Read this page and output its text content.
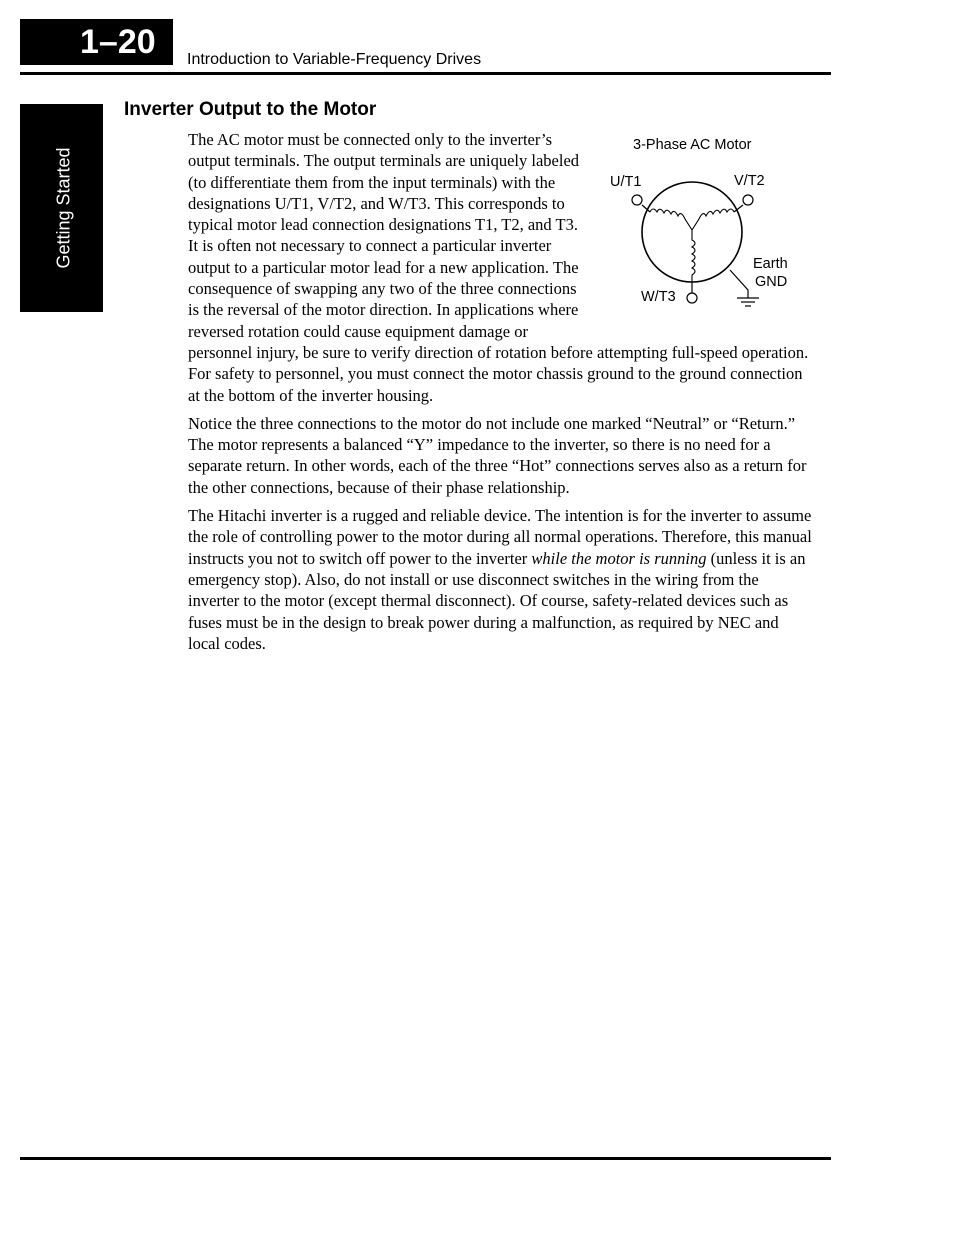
1–20	Introduction to Variable-Frequency Drives
Getting Started
Inverter Output to the Motor
3-Phase AC Motor
U/T1	V/T2
W/T3
Earth
GND

The AC motor must be connected only to the inverter’s output terminals. The output terminals are uniquely labeled (to differentiate them from the input terminals) with the designations U/T1, V/T2, and W/T3. This corresponds to typical motor lead connection designations T1, T2, and T3. It is often not necessary to connect a particular inverter output to a particular motor lead for a new application. The consequence of swapping any two of the three connections is the reversal of the motor direction. In applications where reversed rotation could cause equipment damage or personnel injury, be sure to verify direction of rotation before attempting full-speed operation. For safety to personnel, you must connect the motor chassis ground to the ground connection at the bottom of the inverter housing.

Notice the three connections to the motor do not include one marked “Neutral” or “Return.” The motor represents a balanced “Y” impedance to the inverter, so there is no need for a separate return. In other words, each of the three “Hot” connections serves also as a return for the other connections, because of their phase relationship.

The Hitachi inverter is a rugged and reliable device. The intention is for the inverter to assume the role of controlling power to the motor during all normal operations. Therefore, this manual instructs you not to switch off power to the inverter while the motor is running (unless it is an emergency stop). Also, do not install or use disconnect switches in the wiring from the inverter to the motor (except thermal disconnect). Of course, safety-related devices such as fuses must be in the design to break power during a malfunction, as required by NEC and local codes.
